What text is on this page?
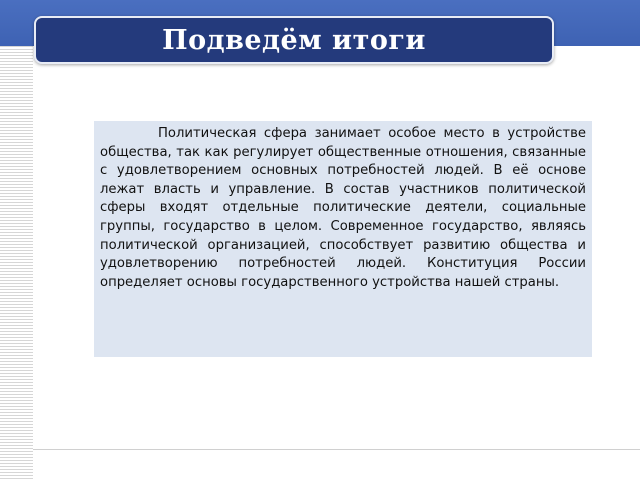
Подведём итоги

Политическая сфера занимает особое место в устройстве общества, так как регулирует общественные отношения, связанные с удовлетворением основных потребностей людей. В её основе лежат власть и управление. В состав участников политической сферы входят отдельные политические деятели, социальные группы, государство в целом. Современное государство, являясь политической организацией, способствует развитию общества и удовлетворению потребностей людей. Конституция России определяет основы государственного устройства нашей страны.
